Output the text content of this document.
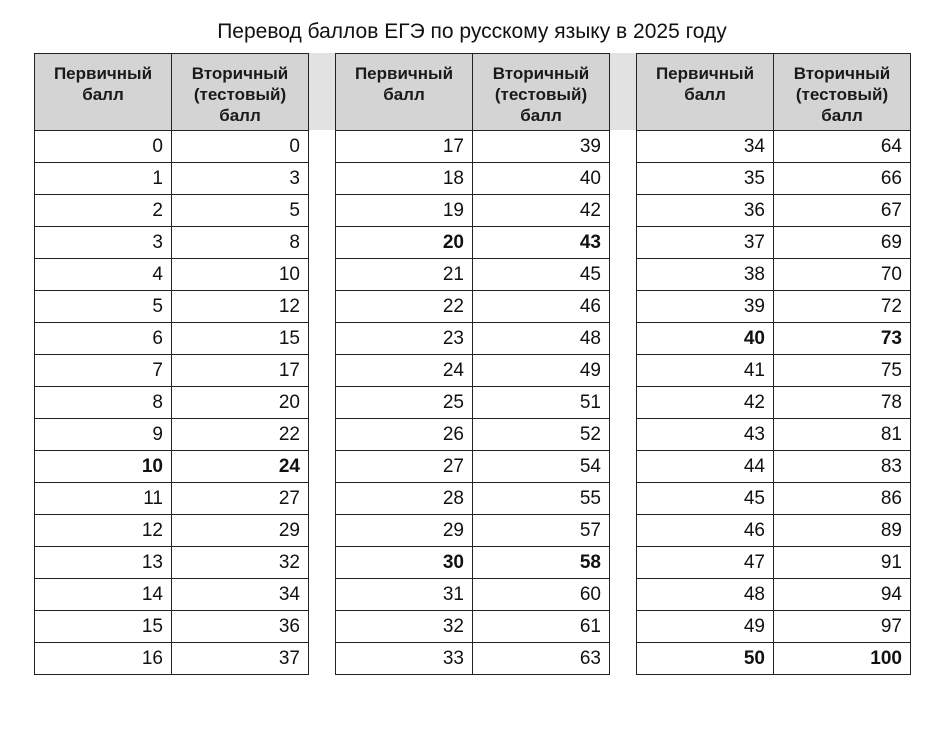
Перевод баллов ЕГЭ по русскому языку в 2025 году
Первичный
балл	Вторичный
(тестовый)
балл
0	0
1	3
2	5
3	8
4	10
5	12
6	15
7	17
8	20
9	22
10	24
11	27
12	29
13	32
14	34
15	36
16	37
Первичный
балл	Вторичный
(тестовый)
балл
17	39
18	40
19	42
20	43
21	45
22	46
23	48
24	49
25	51
26	52
27	54
28	55
29	57
30	58
31	60
32	61
33	63
Первичный
балл	Вторичный
(тестовый)
балл
34	64
35	66
36	67
37	69
38	70
39	72
40	73
41	75
42	78
43	81
44	83
45	86
46	89
47	91
48	94
49	97
50	100
